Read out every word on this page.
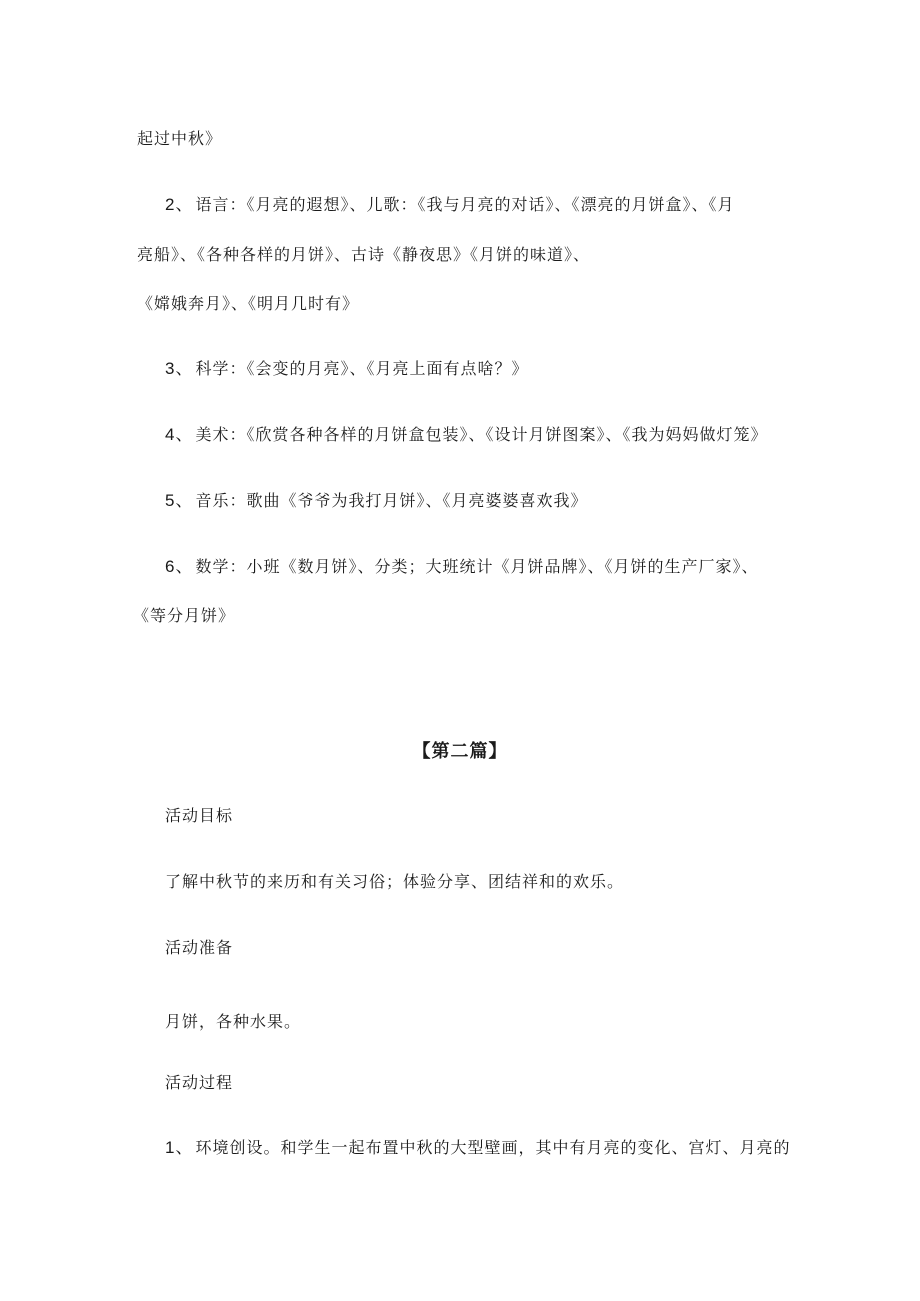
起过中秋》
2、 语言：《月亮的遐想》、儿歌：《我与月亮的对话》、《漂亮的月饼盒》、《月
亮船》、《各种各样的月饼》、古诗《静夜思》《月饼的味道》、
《嫦娥奔月》、《明月几时有》
3、 科学：《会变的月亮》、《月亮上面有点啥？》
4、 美术：《欣赏各种各样的月饼盒包装》、《设计月饼图案》、《我为妈妈做灯笼》
5、 音乐：歌曲《爷爷为我打月饼》、《月亮婆婆喜欢我》
6、 数学：小班《数月饼》、分类；大班统计《月饼品牌》、《月饼的生产厂家》、
《等分月饼》
【第二篇】
活动目标
了解中秋节的来历和有关习俗；体验分享、团结祥和的欢乐。
活动准备
月饼，各种水果。
活动过程
1、 环境创设。和学生一起布置中秋的大型壁画，其中有月亮的变化、宫灯、月亮的
